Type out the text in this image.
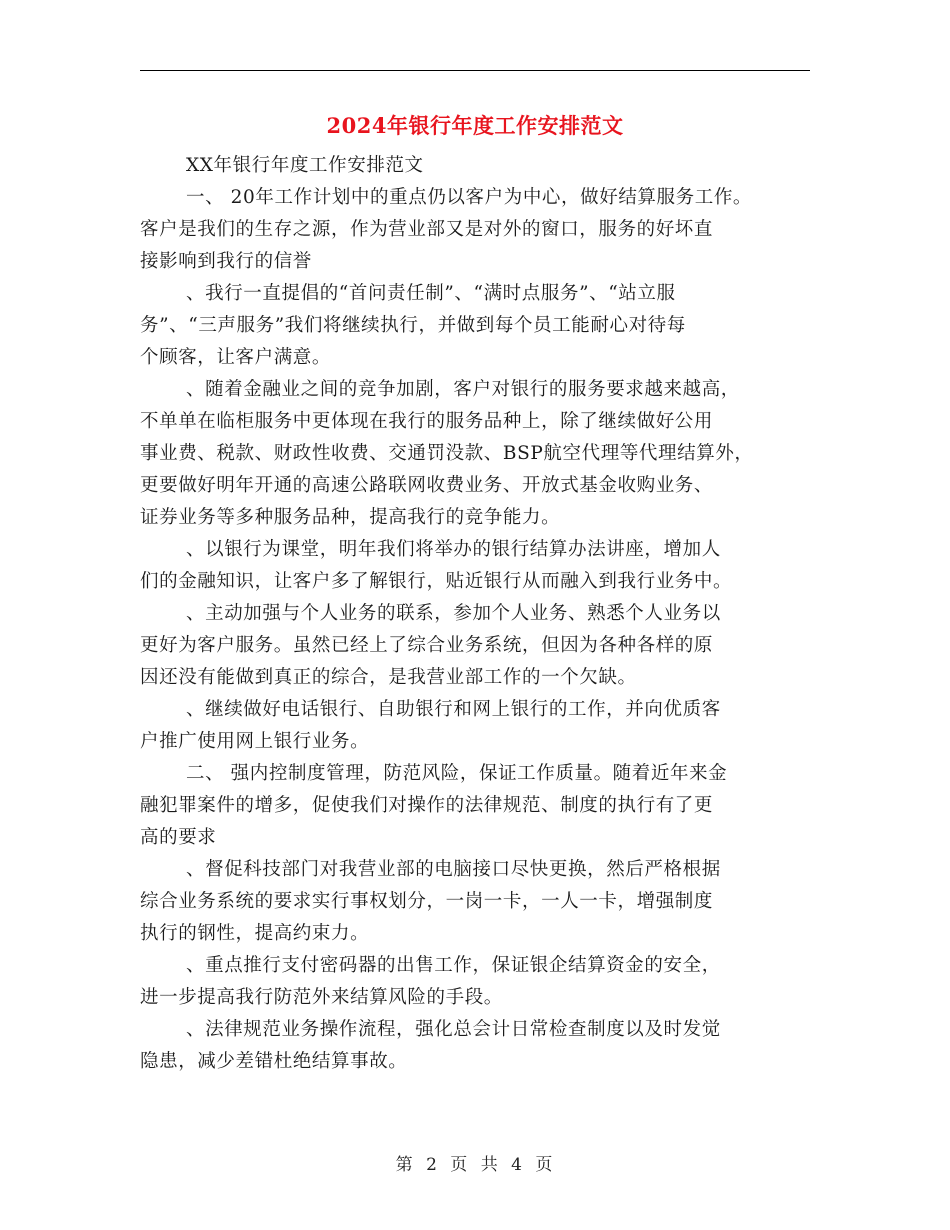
2024年银行年度工作安排范文
XX年银行年度工作安排范文
一、 20年工作计划中的重点仍以客户为中心，做好结算服务工作。
客户是我们的生存之源，作为营业部又是对外的窗口，服务的好坏直
接影响到我行的信誉
、我行一直提倡的“首问责任制”、“满时点服务”、“站立服
务”、“三声服务”我们将继续执行，并做到每个员工能耐心对待每
个顾客，让客户满意。
、随着金融业之间的竞争加剧，客户对银行的服务要求越来越高，
不单单在临柜服务中更体现在我行的服务品种上，除了继续做好公用
事业费、税款、财政性收费、交通罚没款、BSP航空代理等代理结算外，
更要做好明年开通的高速公路联网收费业务、开放式基金收购业务、
证券业务等多种服务品种，提高我行的竞争能力。
、以银行为课堂，明年我们将举办的银行结算办法讲座，增加人
们的金融知识，让客户多了解银行，贴近银行从而融入到我行业务中。
、主动加强与个人业务的联系，参加个人业务、熟悉个人业务以
更好为客户服务。虽然已经上了综合业务系统，但因为各种各样的原
因还没有能做到真正的综合，是我营业部工作的一个欠缺。
、继续做好电话银行、自助银行和网上银行的工作，并向优质客
户推广使用网上银行业务。
二、 强内控制度管理，防范风险，保证工作质量。随着近年来金
融犯罪案件的增多，促使我们对操作的法律规范、制度的执行有了更
高的要求
、督促科技部门对我营业部的电脑接口尽快更换，然后严格根据
综合业务系统的要求实行事权划分，一岗一卡，一人一卡，增强制度
执行的钢性，提高约束力。
、重点推行支付密码器的出售工作，保证银企结算资金的安全，
进一步提高我行防范外来结算风险的手段。
、法律规范业务操作流程，强化总会计日常检查制度以及时发觉
隐患，减少差错杜绝结算事故。
第 2 页 共 4 页
